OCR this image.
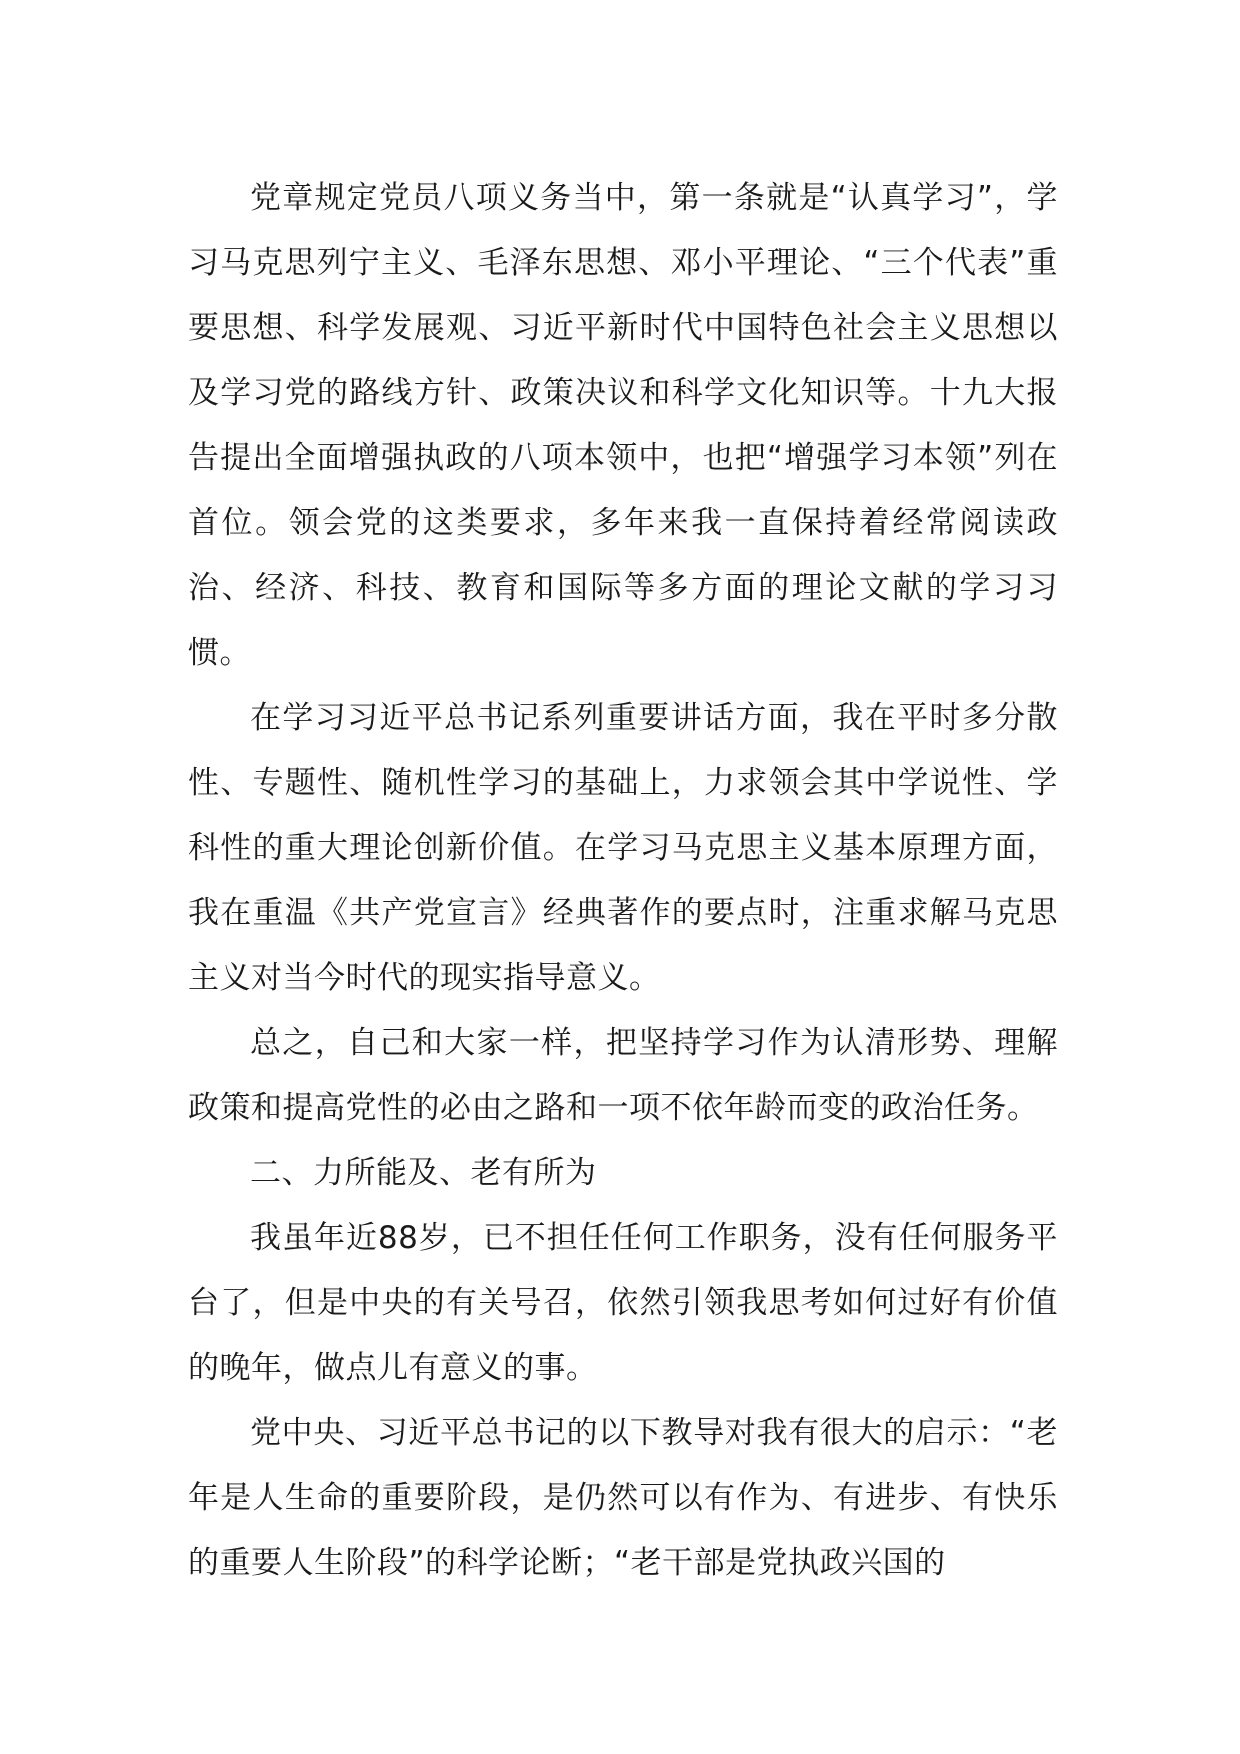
党章规定党员八项义务当中，第一条就是“认真学习”，学习马克思列宁主义、毛泽东思想、邓小平理论、“三个代表”重要思想、科学发展观、习近平新时代中国特色社会主义思想以及学习党的路线方针、政策决议和科学文化知识等。十九大报告提出全面增强执政的八项本领中，也把“增强学习本领”列在首位。领会党的这类要求，多年来我一直保持着经常阅读政治、经济、科技、教育和国际等多方面的理论文献的学习习惯。

在学习习近平总书记系列重要讲话方面，我在平时多分散性、专题性、随机性学习的基础上，力求领会其中学说性、学科性的重大理论创新价值。在学习马克思主义基本原理方面，我在重温《共产党宣言》经典著作的要点时，注重求解马克思主义对当今时代的现实指导意义。

总之，自己和大家一样，把坚持学习作为认清形势、理解政策和提高党性的必由之路和一项不依年龄而变的政治任务。

二、力所能及、老有所为

我虽年近88岁，已不担任任何工作职务，没有任何服务平台了，但是中央的有关号召，依然引领我思考如何过好有价值的晚年，做点儿有意义的事。

党中央、习近平总书记的以下教导对我有很大的启示：“老年是人生命的重要阶段，是仍然可以有作为、有进步、有快乐的重要人生阶段”的科学论断；“老干部是党执政兴国的
